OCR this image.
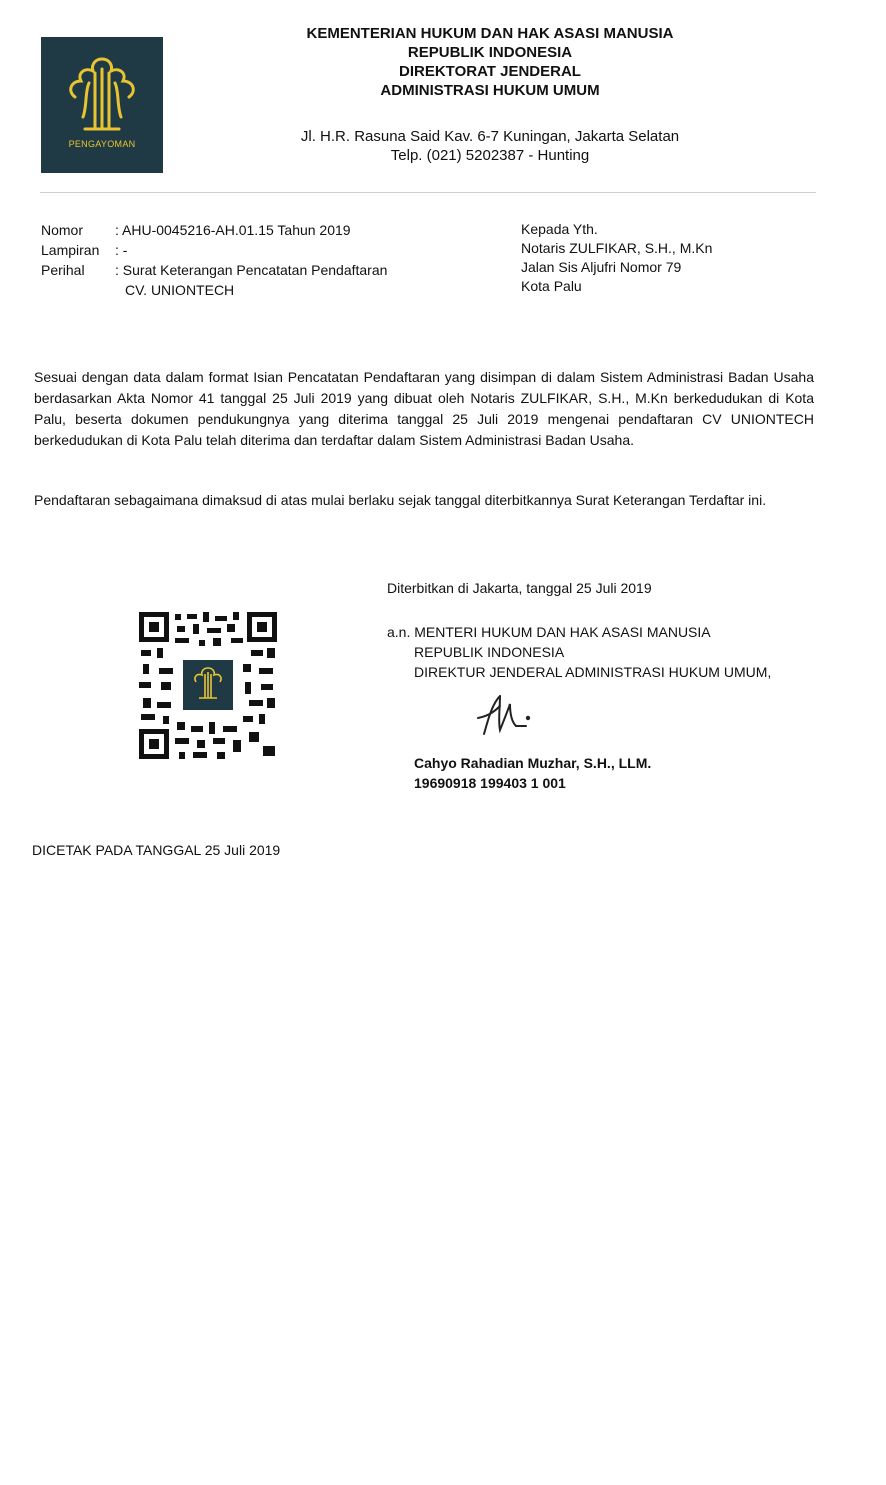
PENGAYOMAN
KEMENTERIAN HUKUM DAN HAK ASASI MANUSIA
REPUBLIK INDONESIA
DIREKTORAT JENDERAL
ADMINISTRASI HUKUM UMUM
Jl. H.R. Rasuna Said Kav. 6-7 Kuningan, Jakarta Selatan
Telp. (021) 5202387 - Hunting
Nomor	: AHU-0045216-AH.01.15 Tahun 2019
Lampiran	: -
Perihal	: Surat Keterangan Pencatatan Pendaftaran
CV. UNIONTECH
Kepada Yth.
Notaris ZULFIKAR, S.H., M.Kn
Jalan Sis Aljufri Nomor 79
Kota Palu
Sesuai dengan data dalam format Isian Pencatatan Pendaftaran yang disimpan di dalam Sistem Administrasi Badan Usaha berdasarkan Akta Nomor 41 tanggal 25 Juli 2019 yang dibuat oleh Notaris ZULFIKAR, S.H., M.Kn berkedudukan di Kota Palu, beserta dokumen pendukungnya yang diterima tanggal 25 Juli 2019 mengenai pendaftaran CV UNIONTECH berkedudukan di Kota Palu telah diterima dan terdaftar dalam Sistem Administrasi Badan Usaha.
Pendaftaran sebagaimana dimaksud di atas mulai berlaku sejak tanggal diterbitkannya Surat Keterangan Terdaftar ini.
Diterbitkan di Jakarta, tanggal 25 Juli 2019
a.n. MENTERI HUKUM DAN HAK ASASI MANUSIA
REPUBLIK INDONESIA
DIREKTUR JENDERAL ADMINISTRASI HUKUM UMUM,
Cahyo Rahadian Muzhar, S.H., LLM.
19690918 199403 1 001
DICETAK PADA TANGGAL 25 Juli 2019
